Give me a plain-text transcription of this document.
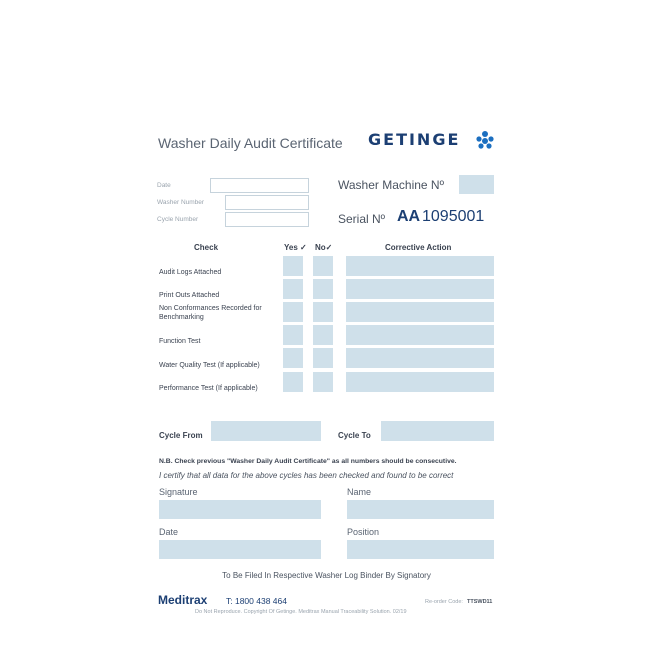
Washer Daily Audit Certificate GETINGE
Date
Washer Number
Cycle Number
Washer Machine Nº
Serial Nº AA 1095001
Check	Yes ✓ No✓	Corrective Action
Audit Logs Attached
Print Outs Attached
Non Conformances Recorded for Benchmarking
Function Test
Water Quality Test (If applicable)
Performance Test (If applicable)
Cycle From	Cycle To
N.B. Check previous "Washer Daily Audit Certificate" as all numbers should be consecutive.
I certify that all data for the above cycles has been checked and found to be correct
Signature	Name
Date	Position
To Be Filed In Respective Washer Log Binder By Signatory
Meditrax T: 1800 438 464	Re-order Code: TTSWD11
Do Not Reproduce. Copyright Of Getinge. Meditrax Manual Traceability Solution. 02/19
